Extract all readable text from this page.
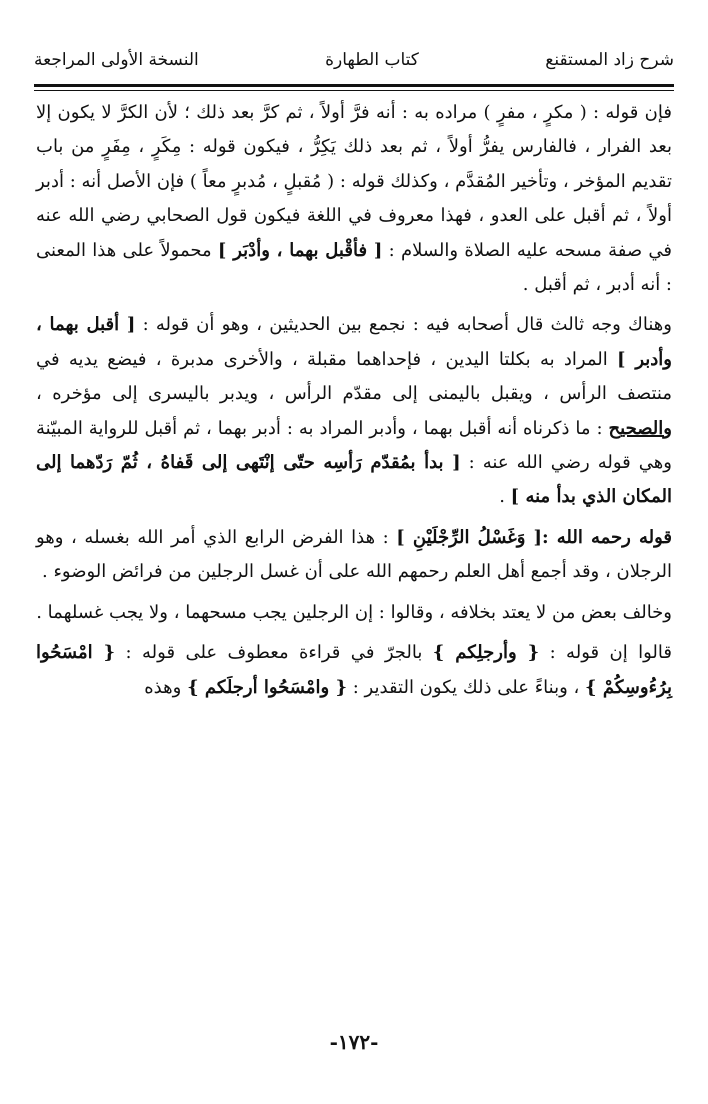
شرح زاد المستقنع
كتاب الطهارة
النسخة الأولى المراجعة

فإن قوله : ( مكرٍ ، مفرٍ ) مراده به : أنه فرَّ أولاً ، ثم كرَّ بعد ذلك ؛ لأن الكرَّ لا يكون إلا بعد الفرار ، فالفارس يفرُّ أولاً ، ثم بعد ذلك يَكِرُّ ، فيكون قوله : مِكَرٍ ، مِفَرٍ من باب تقديم المؤخر ، وتأخير المُقدَّم ، وكذلك قوله : ( مُقبلٍ ، مُدبرٍ معاً ) فإن الأصل أنه : أدبر أولاً ، ثم أقبل على العدو ، فهذا معروف في اللغة فيكون قول الصحابي رضي الله عنه في صفة مسحه عليه الصلاة والسلام : [ فأقْبل بهما ، وأدْبَر ] محمولاً على هذا المعنى : أنه أدبر ، ثم أقبل .

وهناك وجه ثالث قال أصحابه فيه : نجمع بين الحديثين ، وهو أن قوله : [ أقبل بهما ، وأدبر ] المراد به بكلتا اليدين ، فإحداهما مقبلة ، والأخرى مدبرة ، فيضع يديه في منتصف الرأس ، ويقبل باليمنى إلى مقدّم الرأس ، ويدبر باليسرى إلى مؤخره ، والصحيح : ما ذكرناه أنه أقبل بهما ، وأدبر المراد به : أدبر بهما ، ثم أقبل للرواية المبيّنة وهي قوله رضي الله عنه : [ بدأ بمُقدّم رَأسِه حتّى إنْتَهى إلى قَفاهُ ، ثُمّ رَدّهما إلى المكان الذي بدأ منه ] .

قوله رحمه الله :[ وَغَسْلُ الرِّجْلَيْنِ ] : هذا الفرض الرابع الذي أمر الله بغسله ، وهو الرجلان ، وقد أجمع أهل العلم رحمهم الله على أن غسل الرجلين من فرائض الوضوء .

وخالف بعض من لا يعتد بخلافه ، وقالوا : إن الرجلين يجب مسحهما ، ولا يجب غسلهما .

قالوا إن قوله : { وأرجلِكم } بالجرّ في قراءة معطوف على قوله : { امْسَحُوا بِرُءُوسِكُمْ } ، وبناءً على ذلك يكون التقدير : { وامْسَحُوا أرجلَكم } وهذه

-١٧٢-
